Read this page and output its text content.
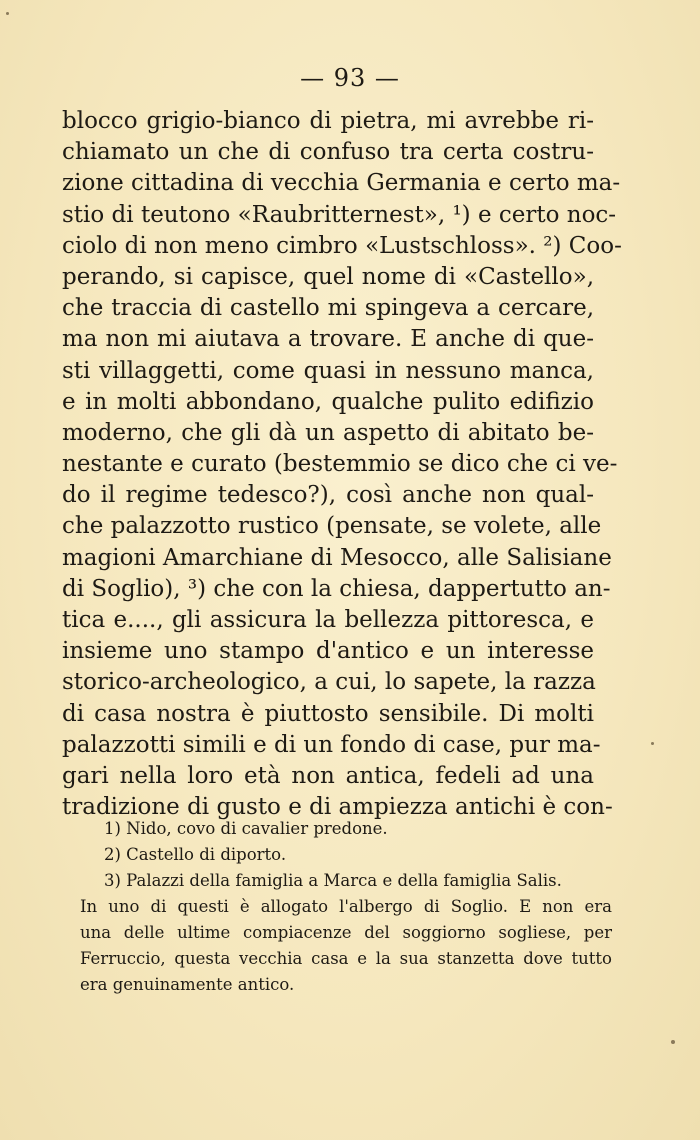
— 93 —
blocco grigio-bianco di pietra, mi avrebbe ri-
chiamato un che di confuso tra certa costru-
zione cittadina di vecchia Germania e certo ma-
stio di teutono «Raubritternest», ¹) e certo noc-
ciolo di non meno cimbro «Lustschloss». ²) Coo-
perando, si capisce, quel nome di «Castello»,
che traccia di castello mi spingeva a cercare,
ma non mi aiutava a trovare. E anche di que-
sti villaggetti, come quasi in nessuno manca,
e in molti abbondano, qualche pulito edifizio
moderno, che gli dà un aspetto di abitato be-
nestante e curato (bestemmio se dico che ci ve-
do il regime tedesco?), così anche non qual-
che palazzotto rustico (pensate, se volete, alle
magioni Amarchiane di Mesocco, alle Salisiane
di Soglio), ³) che con la chiesa, dappertutto an-
tica e...., gli assicura la bellezza pittoresca, e
insieme uno stampo d'antico e un interesse
storico-archeologico, a cui, lo sapete, la razza
di casa nostra è piuttosto sensibile. Di molti
palazzotti simili e di un fondo di case, pur ma-
gari nella loro età non antica, fedeli ad una
tradizione di gusto e di ampiezza antichi è con-
1) Nido, covo di cavalier predone.
2) Castello di diporto.
3) Palazzi della famiglia a Marca e della famiglia Salis.
In uno di questi è allogato l'albergo di Soglio. E non era
una delle ultime compiacenze del soggiorno sogliese, per
Ferruccio, questa vecchia casa e la sua stanzetta dove tutto
era genuinamente antico.
